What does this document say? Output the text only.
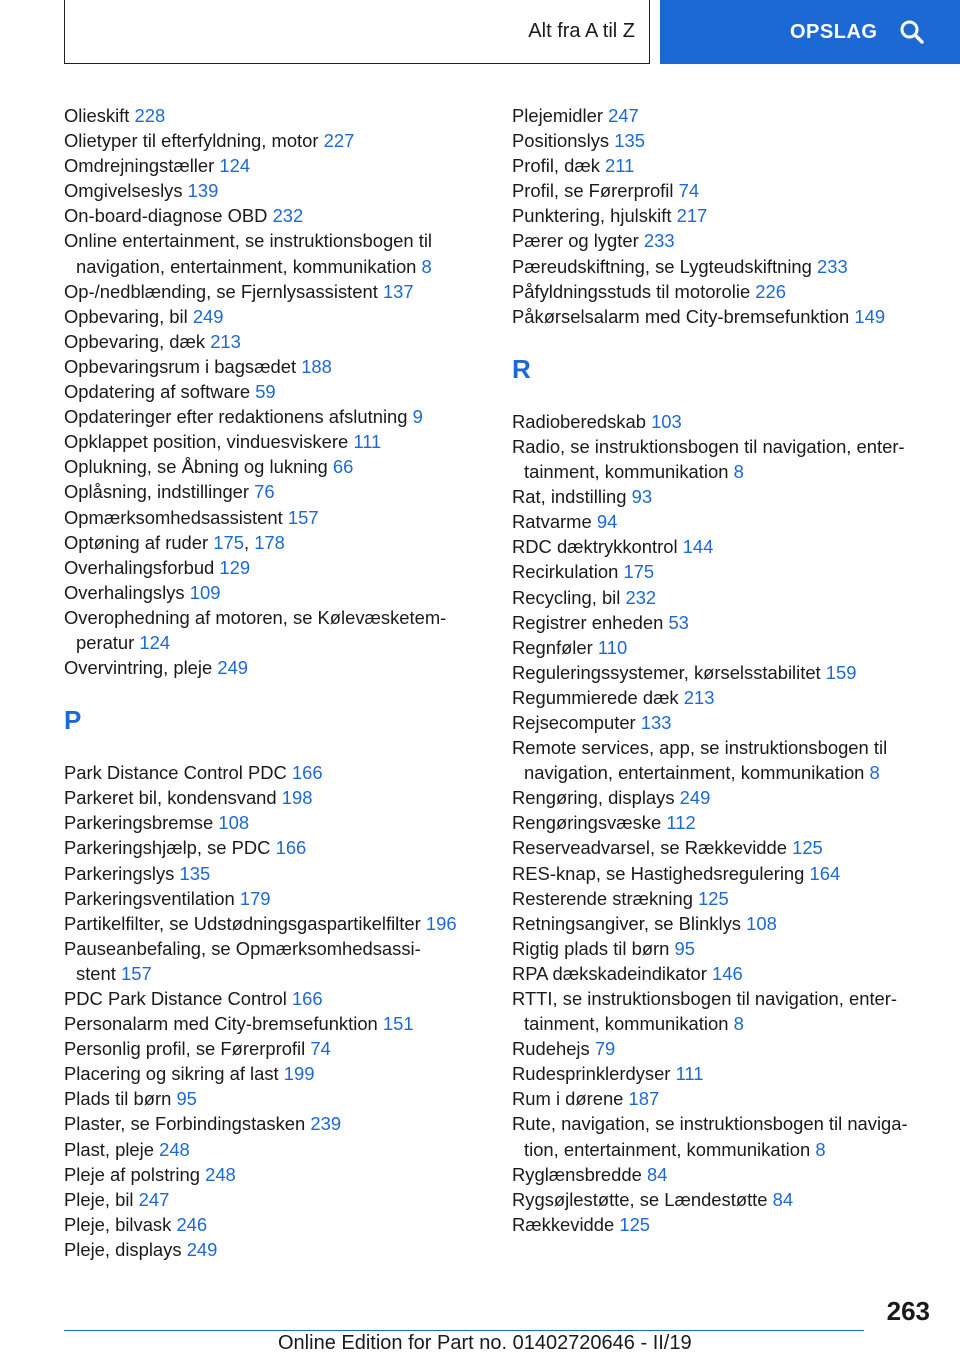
Alt fra A til Z	OPSLAG

Olieskift 228

Olietyper til efterfyldning, motor 227

Omdrejningstæller 124

Omgivelseslys 139

On-board-diagnose OBD 232

Online entertainment, se instruktionsbogen til
navigation, entertainment, kommunikation 8

Op-/nedblænding, se Fjernlysassistent 137

Opbevaring, bil 249

Opbevaring, dæk 213

Opbevaringsrum i bagsædet 188

Opdatering af software 59

Opdateringer efter redaktionens afslutning 9

Opklappet position, vinduesviskere 111

Oplukning, se Åbning og lukning 66

Oplåsning, indstillinger 76

Opmærksomhedsassistent 157

Optøning af ruder 175, 178

Overhalingsforbud 129

Overhalingslys 109

Overophedning af motoren, se Kølevæsketem-
peratur 124

Overvintring, pleje 249

P

Park Distance Control PDC 166

Parkeret bil, kondensvand 198

Parkeringsbremse 108

Parkeringshjælp, se PDC 166

Parkeringslys 135

Parkeringsventilation 179

Partikelfilter, se Udstødningsgaspartikelfilter 196

Pauseanbefaling, se Opmærksomhedsassi-
stent 157

PDC Park Distance Control 166

Personalarm med City-bremsefunktion 151

Personlig profil, se Førerprofil 74

Placering og sikring af last 199

Plads til børn 95

Plaster, se Forbindingstasken 239

Plast, pleje 248

Pleje af polstring 248

Pleje, bil 247

Pleje, bilvask 246

Pleje, displays 249

Plejemidler 247

Positionslys 135

Profil, dæk 211

Profil, se Førerprofil 74

Punktering, hjulskift 217

Pærer og lygter 233

Pæreudskiftning, se Lygteudskiftning 233

Påfyldningsstuds til motorolie 226

Påkørselsalarm med City-bremsefunktion 149

R

Radioberedskab 103

Radio, se instruktionsbogen til navigation, enter-
tainment, kommunikation 8

Rat, indstilling 93

Ratvarme 94

RDC dæktrykkontrol 144

Recirkulation 175

Recycling, bil 232

Registrer enheden 53

Regnføler 110

Reguleringssystemer, kørselsstabilitet 159

Regummierede dæk 213

Rejsecomputer 133

Remote services, app, se instruktionsbogen til
navigation, entertainment, kommunikation 8

Rengøring, displays 249

Rengøringsvæske 112

Reserveadvarsel, se Rækkevidde 125

RES-knap, se Hastighedsregulering 164

Resterende strækning 125

Retningsangiver, se Blinklys 108

Rigtig plads til børn 95

RPA dækskadeindikator 146

RTTI, se instruktionsbogen til navigation, enter-
tainment, kommunikation 8

Rudehejs 79

Rudesprinklerdyser 111

Rum i dørene 187

Rute, navigation, se instruktionsbogen til naviga-
tion, entertainment, kommunikation 8

Ryglænsbredde 84

Rygsøjlestøtte, se Lændestøtte 84

Rækkevidde 125

263
Online Edition for Part no. 01402720646 - II/19
